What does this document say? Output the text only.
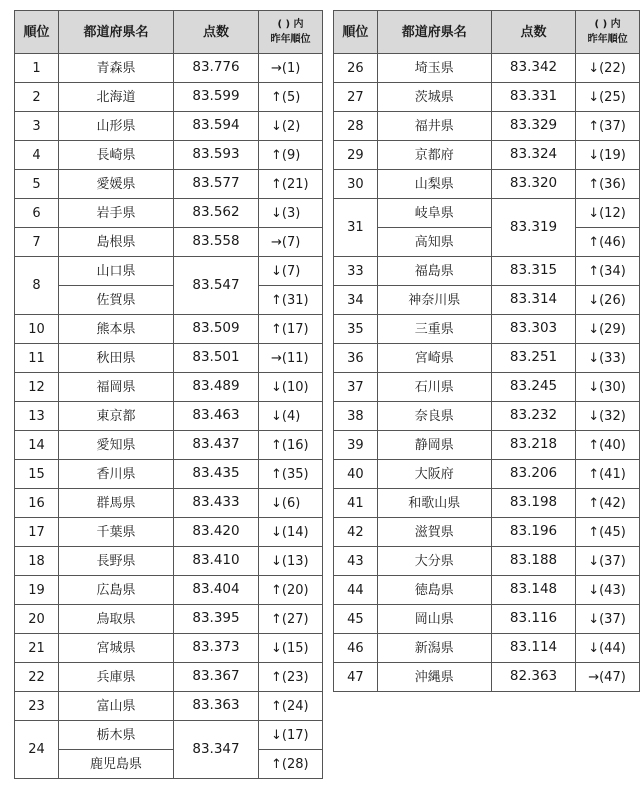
順位	都道府県名	点数	( ) 内
昨年順位
1	青森県	83.776	→(1)
2	北海道	83.599	↑(5)
3	山形県	83.594	↓(2)
4	長崎県	83.593	↑(9)
5	愛媛県	83.577	↑(21)
6	岩手県	83.562	↓(3)
7	島根県	83.558	→(7)
8	山口県	83.547	↓(7)
	佐賀県		↑(31)
10	熊本県	83.509	↑(17)
11	秋田県	83.501	→(11)
12	福岡県	83.489	↓(10)
13	東京都	83.463	↓(4)
14	愛知県	83.437	↑(16)
15	香川県	83.435	↑(35)
16	群馬県	83.433	↓(6)
17	千葉県	83.420	↓(14)
18	長野県	83.410	↓(13)
19	広島県	83.404	↑(20)
20	鳥取県	83.395	↑(27)
21	宮城県	83.373	↓(15)
22	兵庫県	83.367	↑(23)
23	富山県	83.363	↑(24)
24	栃木県	83.347	↓(17)
	鹿児島県		↑(28)
順位	都道府県名	点数	( ) 内
昨年順位
26	埼玉県	83.342	↓(22)
27	茨城県	83.331	↓(25)
28	福井県	83.329	↑(37)
29	京都府	83.324	↓(19)
30	山梨県	83.320	↑(36)
31	岐阜県	83.319	↓(12)
	高知県		↑(46)
33	福島県	83.315	↑(34)
34	神奈川県	83.314	↓(26)
35	三重県	83.303	↓(29)
36	宮崎県	83.251	↓(33)
37	石川県	83.245	↓(30)
38	奈良県	83.232	↓(32)
39	静岡県	83.218	↑(40)
40	大阪府	83.206	↑(41)
41	和歌山県	83.198	↑(42)
42	滋賀県	83.196	↑(45)
43	大分県	83.188	↓(37)
44	徳島県	83.148	↓(43)
45	岡山県	83.116	↓(37)
46	新潟県	83.114	↓(44)
47	沖縄県	82.363	→(47)
